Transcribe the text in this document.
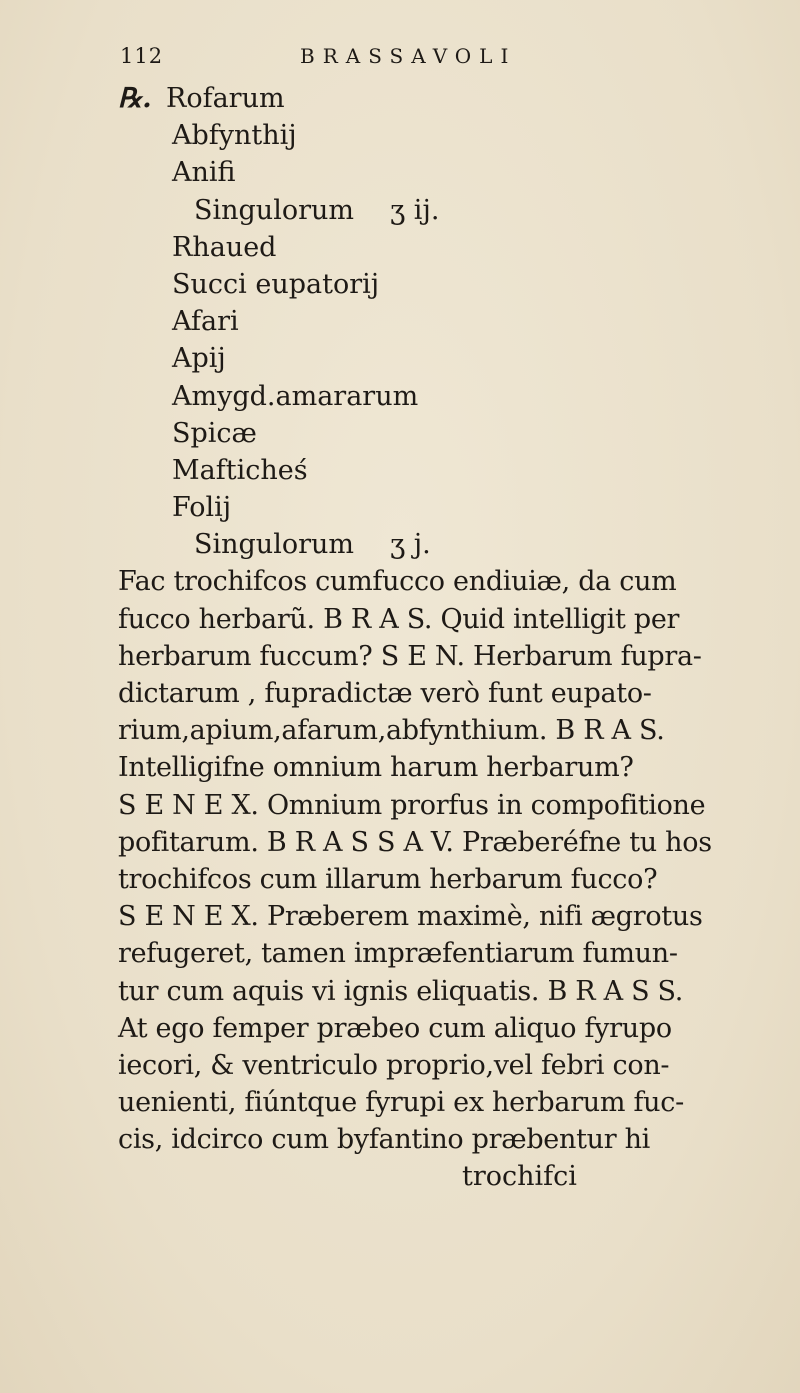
112	BRASSAVOLI
℞. Rofarum
Abfynthij
Anifi
Singulorum ʒ ij.
Rhaued
Succi eupatorij
Afari
Apij
Amygd.amararum
Spicæ
Mafticheś
Folij
Singulorum ʒ j.
Fac trochifcos cumfucco endiuiæ, da cum
fucco herbarũ. B R A S. Quid intelligit per
herbarum fuccum? S E N. Herbarum fupra-
dictarum , fupradictæ verò funt eupato-
rium,apium,afarum,abfynthium. B R A S.
Intelligifne omnium harum herbarum?
S E N E X. Omnium prorfus in compofitione
pofitarum. B R A S S A V. Præberéfne tu hos
trochifcos cum illarum herbarum fucco?
S E N E X. Præberem maximè, nifi ægrotus
refugeret, tamen impræfentiarum fumun-
tur cum aquis vi ignis eliquatis. B R A S S.
At ego femper præbeo cum aliquo fyrupo
iecori, & ventriculo proprio,vel febri con-
uenienti, fiúntque fyrupi ex herbarum fuc-
cis, idcirco cum byfantino præbentur hi
trochifci
